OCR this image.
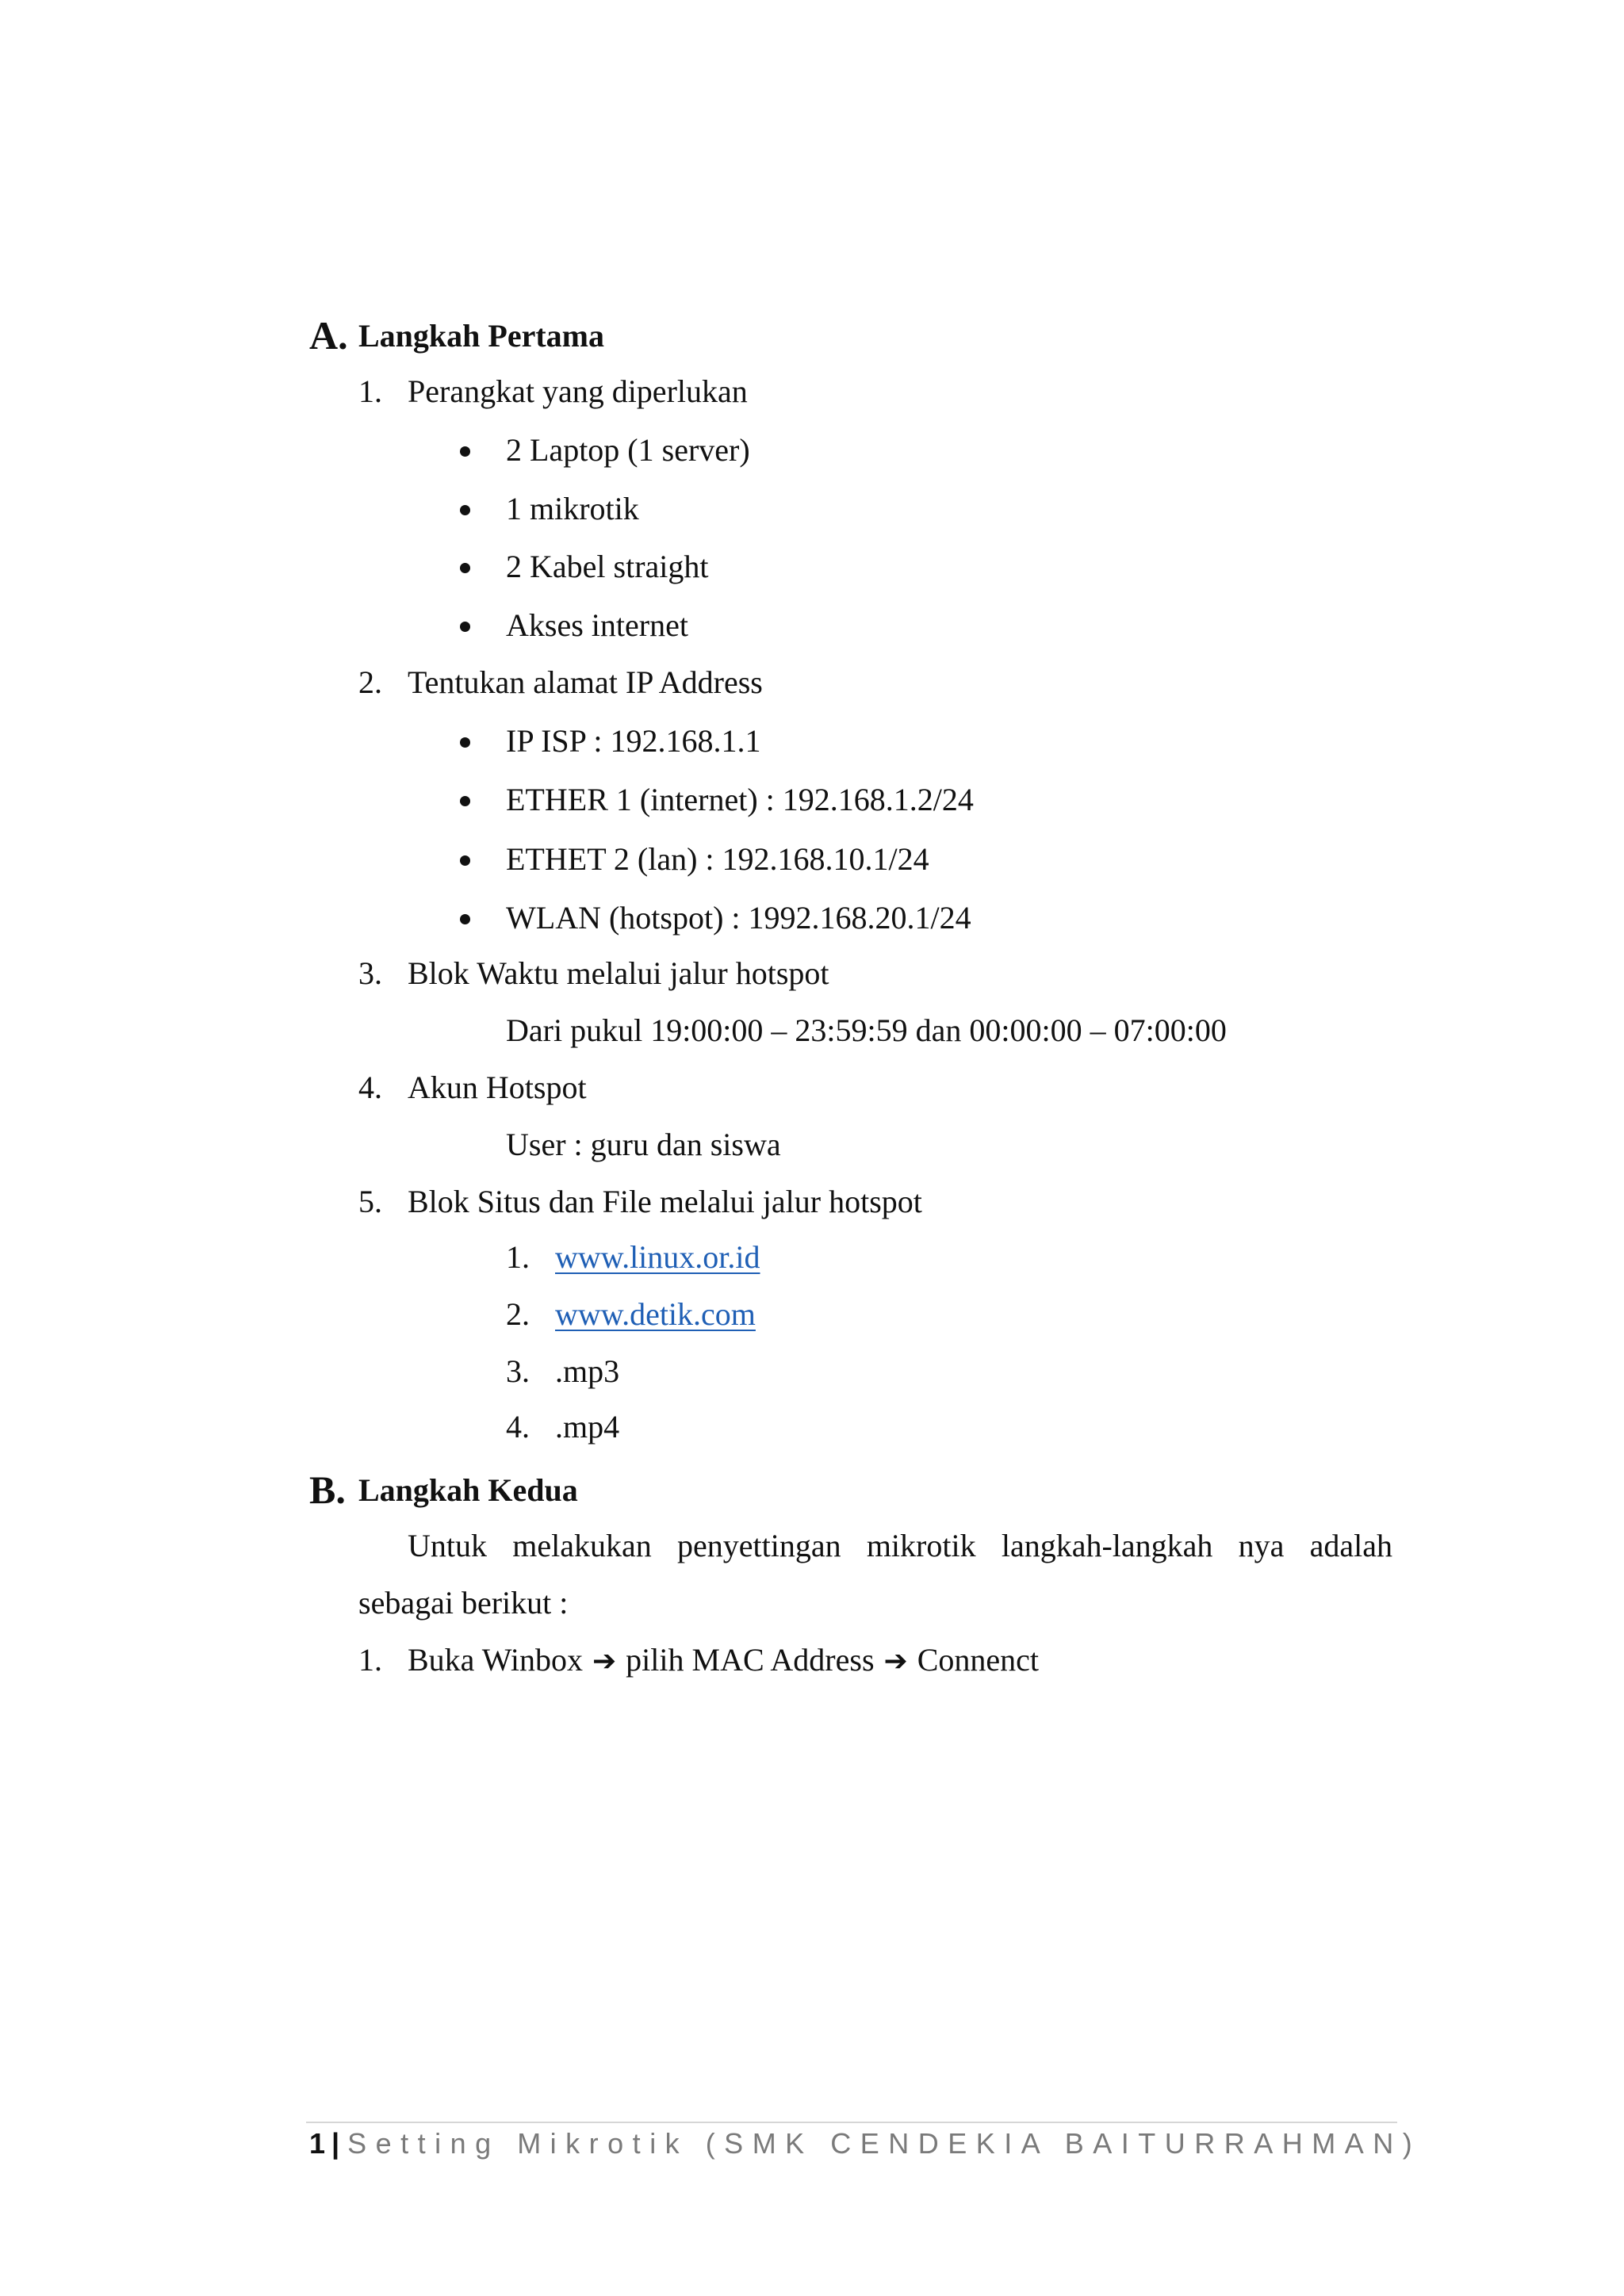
A. Langkah Pertama
1. Perangkat yang diperlukan
2 Laptop (1 server)
1 mikrotik
2 Kabel straight
Akses internet
2. Tentukan alamat IP Address
IP ISP : 192.168.1.1
ETHER 1 (internet) : 192.168.1.2/24
ETHET 2 (lan) : 192.168.10.1/24
WLAN (hotspot) : 1992.168.20.1/24
3. Blok Waktu melalui jalur hotspot
Dari pukul 19:00:00 – 23:59:59 dan 00:00:00 – 07:00:00
4. Akun Hotspot
User : guru dan siswa
5. Blok Situs dan File melalui jalur hotspot
1. www.linux.or.id
2. www.detik.com
3. .mp3
4. .mp4
B. Langkah Kedua
Untuk melakukan penyettingan mikrotik langkah-langkah nya adalah
sebagai berikut :
1. Buka Winbox ➔ pilih MAC Address ➔ Connenct
1 | Setting Mikrotik (SMK CENDEKIA BAITURRAHMAN)
